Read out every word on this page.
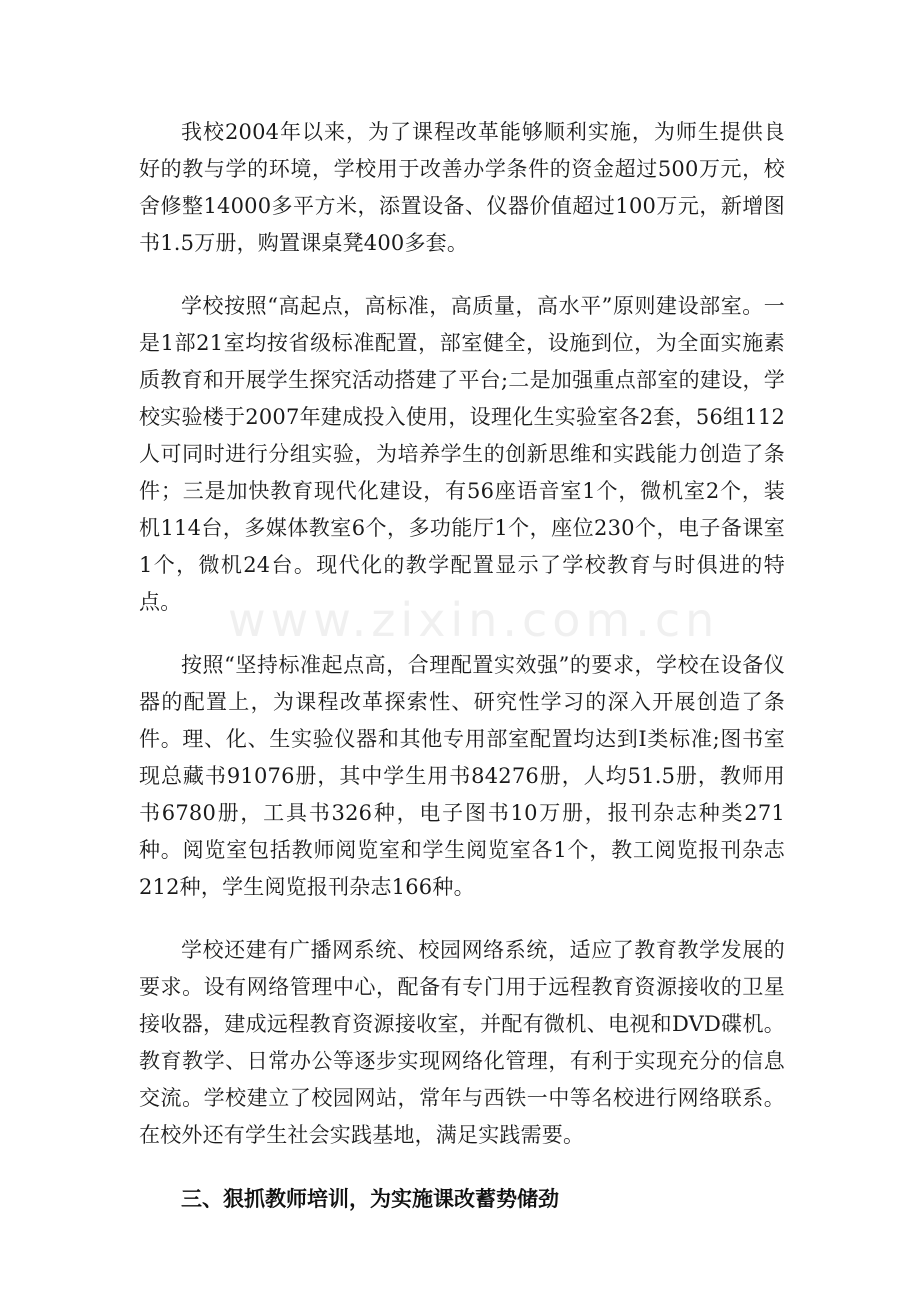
www.zixin.com.cn

我校2004年以来，为了课程改革能够顺利实施，为师生提供良好的教与学的环境，学校用于改善办学条件的资金超过500万元，校舍修整14000多平方米，添置设备、仪器价值超过100万元，新增图书1.5万册，购置课桌凳400多套。

学校按照“高起点，高标准，高质量，高水平”原则建设部室。一是1部21室均按省级标准配置，部室健全，设施到位，为全面实施素质教育和开展学生探究活动搭建了平台;二是加强重点部室的建设，学校实验楼于2007年建成投入使用，设理化生实验室各2套，56组112人可同时进行分组实验，为培养学生的创新思维和实践能力创造了条件；三是加快教育现代化建设，有56座语音室1个，微机室2个，装机114台，多媒体教室6个，多功能厅1个，座位230个，电子备课室1个，微机24台。现代化的教学配置显示了学校教育与时俱进的特点。

按照“坚持标准起点高，合理配置实效强”的要求，学校在设备仪器的配置上，为课程改革探索性、研究性学习的深入开展创造了条件。理、化、生实验仪器和其他专用部室配置均达到I类标准;图书室现总藏书91076册，其中学生用书84276册，人均51.5册，教师用书6780册，工具书326种，电子图书10万册，报刊杂志种类271种。阅览室包括教师阅览室和学生阅览室各1个，教工阅览报刊杂志212种，学生阅览报刊杂志166种。

学校还建有广播网系统、校园网络系统，适应了教育教学发展的要求。设有网络管理中心，配备有专门用于远程教育资源接收的卫星接收器，建成远程教育资源接收室，并配有微机、电视和DVD碟机。教育教学、日常办公等逐步实现网络化管理，有利于实现充分的信息交流。学校建立了校园网站，常年与西铁一中等名校进行网络联系。在校外还有学生社会实践基地，满足实践需要。

三、狠抓教师培训，为实施课改蓄势储劲
